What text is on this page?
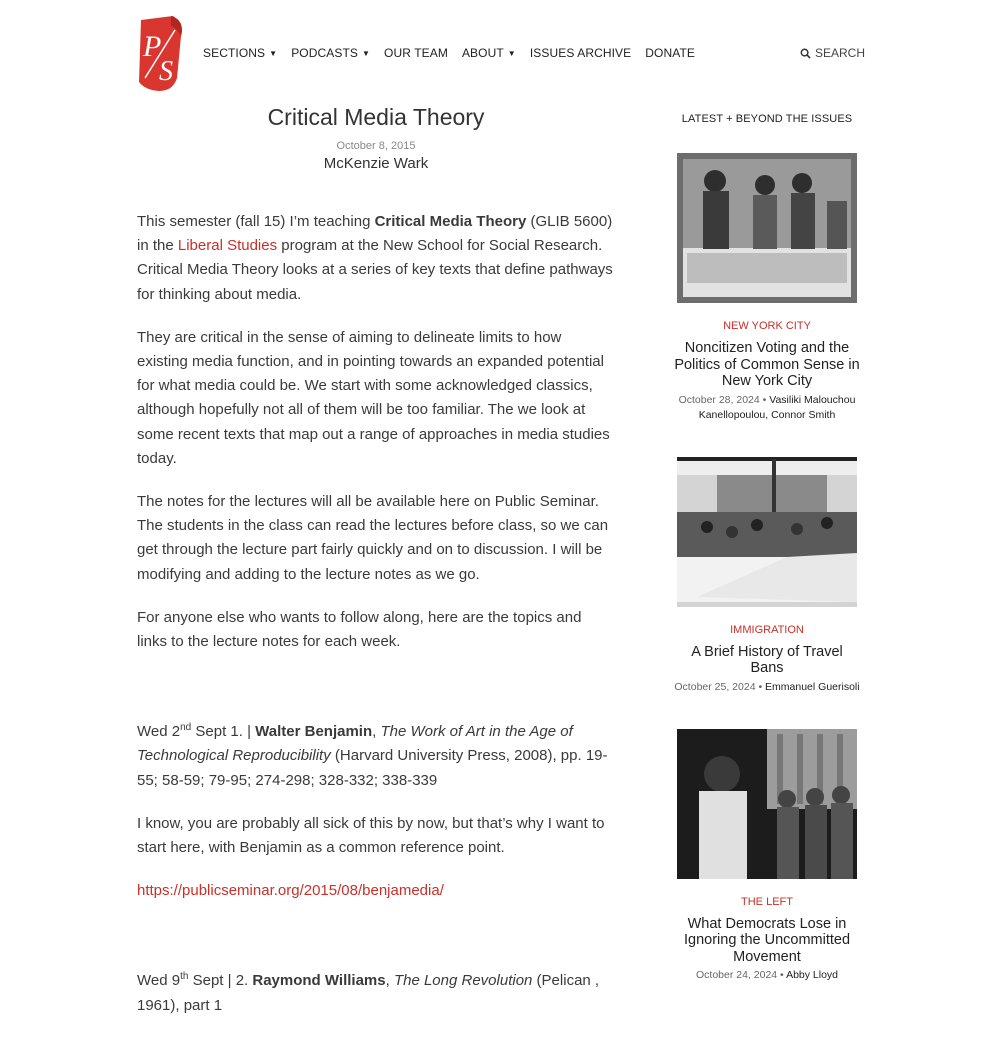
P
S
SECTIONS ▼ PODCASTS ▼ OUR TEAM ABOUT ▼ ISSUES ARCHIVE DONATE	SEARCH
Critical Media Theory
October 8, 2015
McKenzie Wark

This semester (fall 15) I’m teaching Critical Media Theory (GLIB 5600) in the Liberal Studies program at the New School for Social Research. Critical Media Theory looks at a series of key texts that define pathways for thinking about media.

They are critical in the sense of aiming to delineate limits to how existing media function, and in pointing towards an expanded potential for what media could be. We start with some acknowledged classics, although hopefully not all of them will be too familiar. The we look at some recent texts that map out a range of approaches in media studies today.

The notes for the lectures will all be available here on Public Seminar. The students in the class can read the lectures before class, so we can get through the lecture part fairly quickly and on to discussion. I will be modifying and adding to the lecture notes as we go.

For anyone else who wants to follow along, here are the topics and links to the lecture notes for each week.

Wed 2nd Sept 1. | Walter Benjamin, The Work of Art in the Age of Technological Reproducibility (Harvard University Press, 2008), pp. 19-55; 58-59; 79-95; 274-298; 328-332; 338-339

I know, you are probably all sick of this by now, but that’s why I want to start here, with Benjamin as a common reference point.

https://publicseminar.org/2015/08/benjamedia/

Wed 9th Sept | 2. Raymond Williams, The Long Revolution (Pelican , 1961), part 1

LATEST + BEYOND THE ISSUES
NEW YORK CITY
Noncitizen Voting and the Politics of Common Sense in New York City
October 28, 2024 • Vasiliki Malouchou Kanellopoulou, Connor Smith
IMMIGRATION
A Brief History of Travel Bans
October 25, 2024 • Emmanuel Guerisoli
THE LEFT
What Democrats Lose in Ignoring the Uncommitted Movement
October 24, 2024 • Abby Lloyd
